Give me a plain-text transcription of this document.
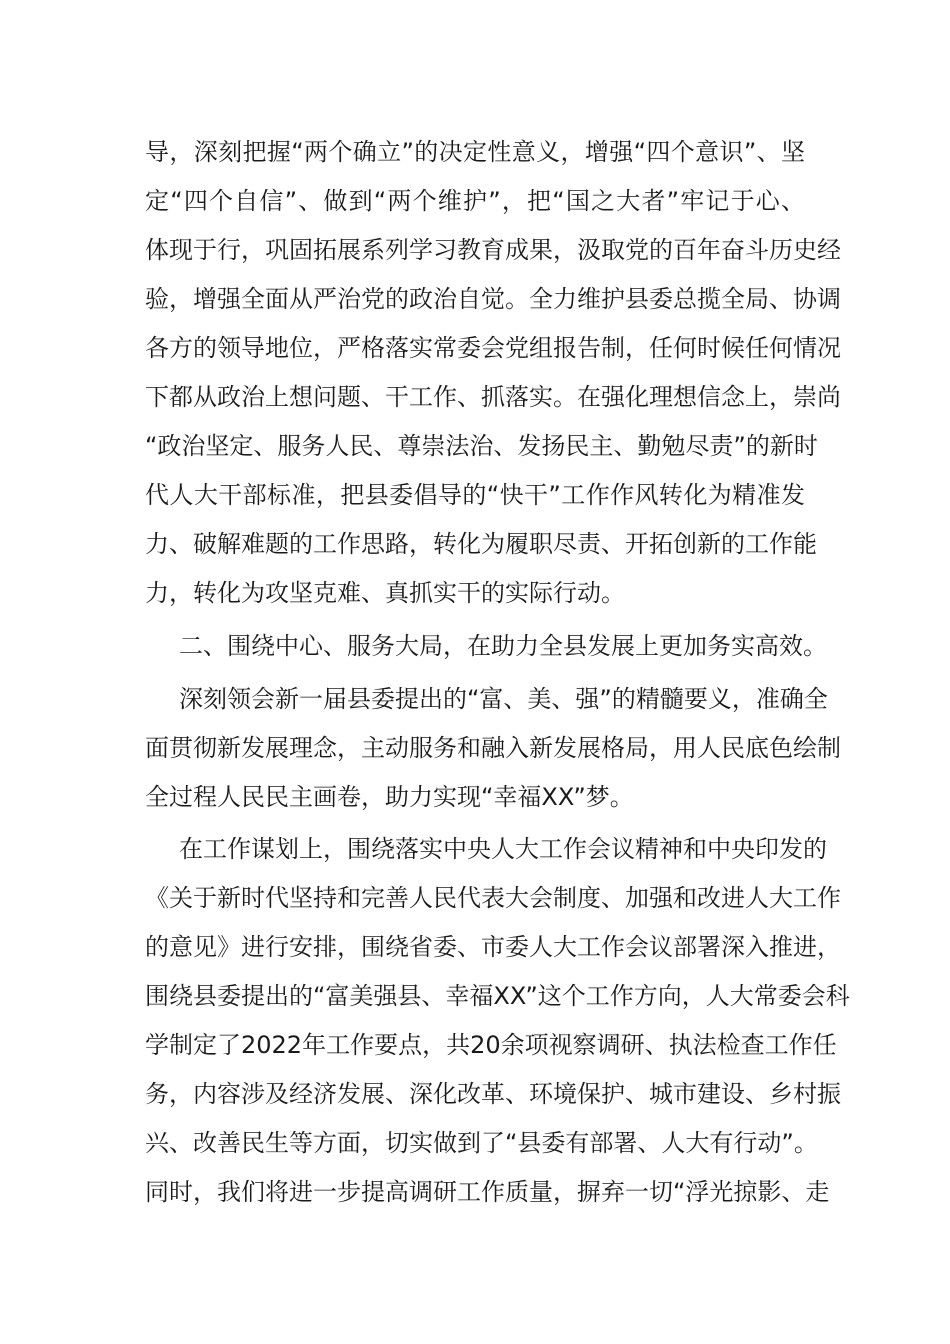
导，深刻把握“两个确立”的决定性意义，增强“四个意识”、坚
定“四个自信”、做到“两个维护”，把“国之大者”牢记于心、
体现于行，巩固拓展系列学习教育成果，汲取党的百年奋斗历史经
验，增强全面从严治党的政治自觉。全力维护县委总揽全局、协调
各方的领导地位，严格落实常委会党组报告制，任何时候任何情况
下都从政治上想问题、干工作、抓落实。在强化理想信念上，崇尚
“政治坚定、服务人民、尊崇法治、发扬民主、勤勉尽责”的新时
代人大干部标准，把县委倡导的“快干”工作作风转化为精准发
力、破解难题的工作思路，转化为履职尽责、开拓创新的工作能
力，转化为攻坚克难、真抓实干的实际行动。
二、围绕中心、服务大局，在助力全县发展上更加务实高效。
深刻领会新一届县委提出的“富、美、强”的精髓要义，准确全
面贯彻新发展理念，主动服务和融入新发展格局，用人民底色绘制
全过程人民民主画卷，助力实现“幸福XX”梦。
在工作谋划上，围绕落实中央人大工作会议精神和中央印发的
《关于新时代坚持和完善人民代表大会制度、加强和改进人大工作
的意见》进行安排，围绕省委、市委人大工作会议部署深入推进，
围绕县委提出的“富美强县、幸福XX”这个工作方向，人大常委会科
学制定了2022年工作要点，共20余项视察调研、执法检查工作任
务，内容涉及经济发展、深化改革、环境保护、城市建设、乡村振
兴、改善民生等方面，切实做到了“县委有部署、人大有行动”。
同时，我们将进一步提高调研工作质量，摒弃一切“浮光掠影、走
